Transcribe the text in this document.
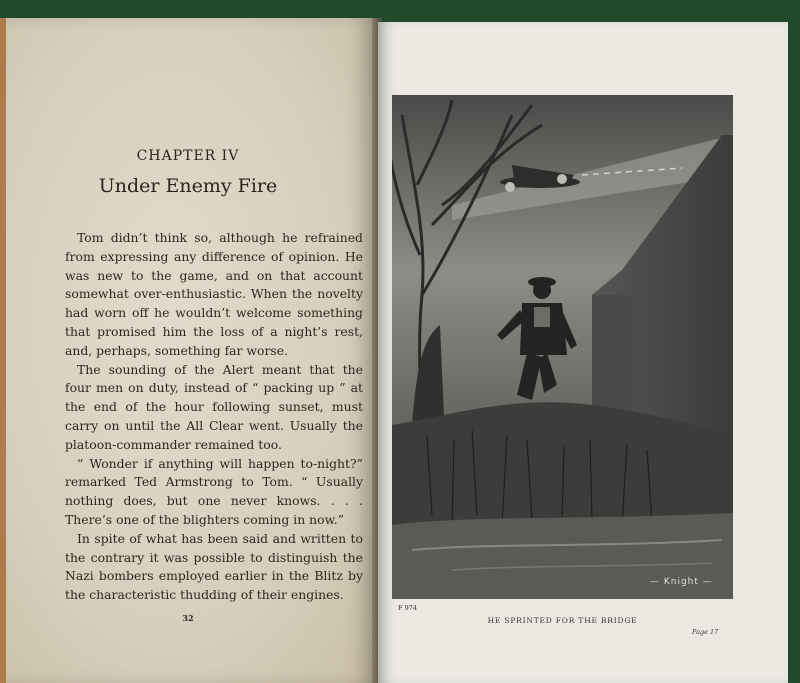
CHAPTER IV
Under Enemy Fire

Tom didn’t think so, although he refrained from expressing any difference of opinion. He was new to the game, and on that account somewhat over-enthusiastic. When the novelty had worn off he wouldn’t welcome something that promised him the loss of a night’s rest, and, perhaps, something far worse.

The sounding of the Alert meant that the four men on duty, instead of “ packing up ” at the end of the hour following sunset, must carry on until the All Clear went. Usually the platoon-commander remained too.

“ Wonder if anything will happen to-night?” remarked Ted Armstrong to Tom. “ Usually nothing does, but one never knows. . . . There’s one of the blighters coming in now.”

In spite of what has been said and written to the contrary it was possible to distinguish the Nazi bombers employed earlier in the Blitz by the characteristic thudding of their engines.

32
— Knight —
F 974
HE SPRINTED FOR THE BRIDGE
Page 17
